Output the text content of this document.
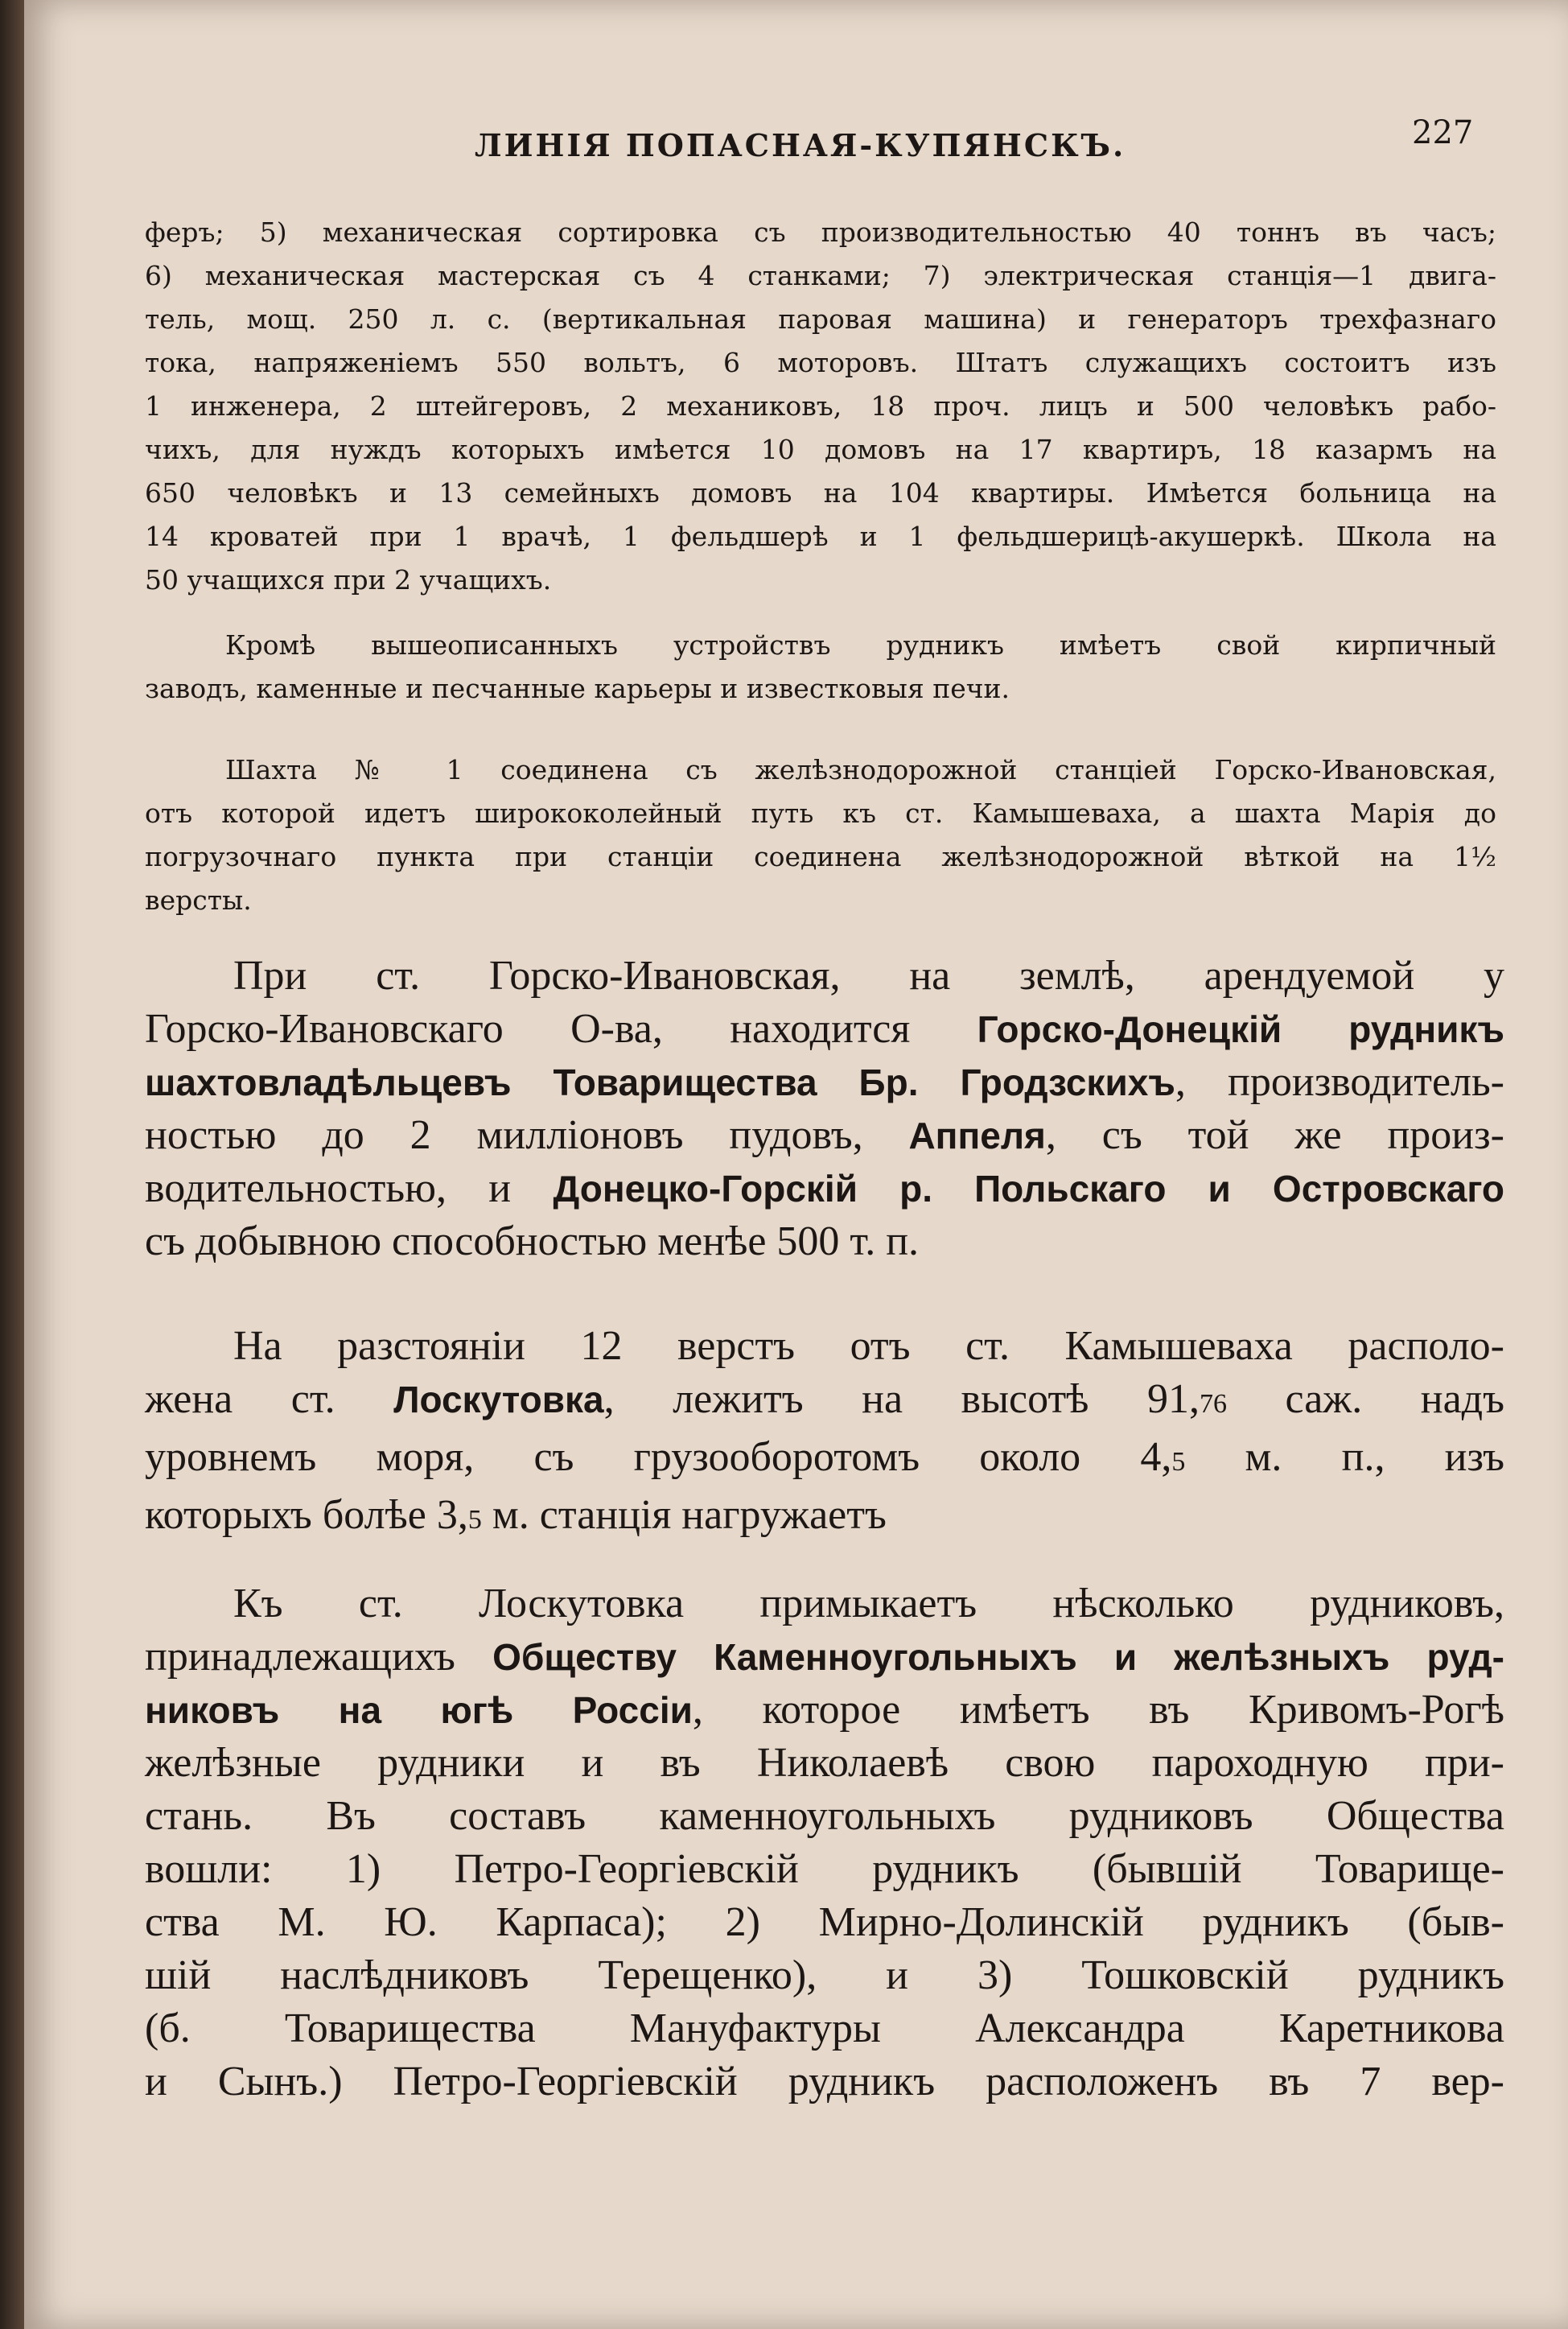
ЛИНІЯ ПОПАСНАЯ-КУПЯНСКЪ.	227
феръ; 5) механическая сортировка съ производительностью 40 тоннъ въ часъ;
6) механическая мастерская съ 4 станками; 7) электрическая станція—1 двига-
тель, мощ. 250 л. с. (вертикальная паровая машина) и генераторъ трехфазнаго
тока, напряженіемъ 550 вольтъ, 6 моторовъ. Штатъ служащихъ состоитъ изъ
1 инженера, 2 штейгеровъ, 2 механиковъ, 18 проч. лицъ и 500 человѣкъ рабо-
чихъ, для нуждъ которыхъ имѣется 10 домовъ на 17 квартиръ, 18 казармъ на
650 человѣкъ и 13 семейныхъ домовъ на 104 квартиры. Имѣется больница на
14 кроватей при 1 врачѣ, 1 фельдшерѣ и 1 фельдшерицѣ-акушеркѣ. Школа на
50 учащихся при 2 учащихъ.
Кромѣ вышеописанныхъ устройствъ рудникъ имѣетъ свой кирпичный
заводъ, каменные и песчанные карьеры и известковыя печи.
Шахта № 1 соединена съ желѣзнодорожной станціей Горско-Ивановская,
отъ которой идетъ ширококолейный путь къ ст. Камышеваха, а шахта Марія до
погрузочнаго пункта при станціи соединена желѣзнодорожной вѣткой на 1½
версты.
При ст. Горско-Ивановская, на землѣ, арендуемой у
Горско-Ивановскаго О-ва, находится Горско-Донецкій рудникъ
шахтовладѣльцевъ Товарищества Бр. Гродзскихъ, производитель-
ностью до 2 милліоновъ пудовъ, Аппеля, съ той же произ-
водительностью, и Донецко-Горскій р. Польскаго и Островскаго
съ добывною способностью менѣе 500 т. п.
На разстояніи 12 верстъ отъ ст. Камышеваха располо-
жена ст. Лоскутовка, лежитъ на высотѣ 91,76 саж. надъ
уровнемъ моря, съ грузооборотомъ около 4,5 м. п., изъ
которыхъ болѣе 3,5 м. станція нагружаетъ
Къ ст. Лоскутовка примыкаетъ нѣсколько рудниковъ,
принадлежащихъ Обществу Каменноугольныхъ и желѣзныхъ руд-
никовъ на югѣ Россіи, которое имѣетъ въ Кривомъ-Рогѣ
желѣзные рудники и въ Николаевѣ свою пароходную при-
стань. Въ составъ каменноугольныхъ рудниковъ Общества
вошли: 1) Петро-Георгіевскій рудникъ (бывшій Товарище-
ства М. Ю. Карпаса); 2) Мирно-Долинскій рудникъ (быв-
шій наслѣдниковъ Терещенко), и 3) Тошковскій рудникъ
(б. Товарищества Мануфактуры Александра Каретникова
и Сынъ.) Петро-Георгіевскій рудникъ расположенъ въ 7 вер-
